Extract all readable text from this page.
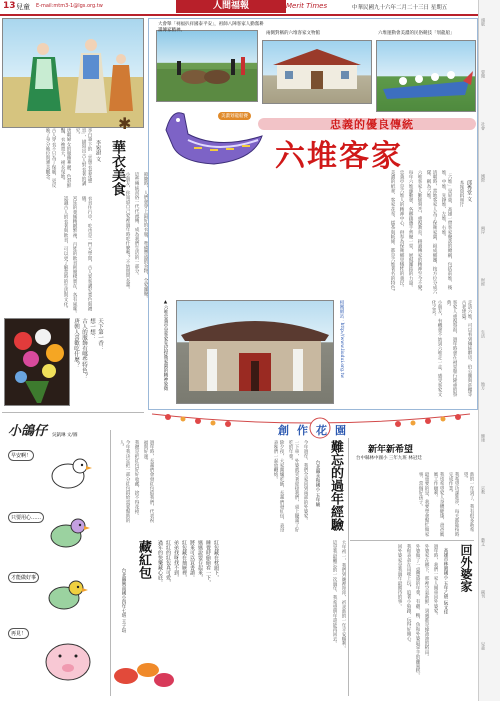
13 兒童 E-mail:mtm3-1@lgs.org.tw	人間福報	Merit Times	中華民國九十六年二月二十三日 星期五
頭版
要聞
社會
國際
兩岸
財經
生活
地方
健康
宗教
藝文
副刊
兒童
華衣美食
✱
李宛澍 文

李白筆下的「雲想衣裳花想容」，描寫出古人對衣著的講究。

唐朝婦女的服飾華麗，色彩鮮豔，衣袖寬大，裙長曳地。

古人穿衣不只為了保暖，更反映了身分地位與審美觀念。

衣食住行中，吃也是一門大學問，古人宴客講究菜色與禮儀。

宮廷的菜餚精緻繁複，百姓的飲食則簡樸實在，各有風味。

認識古人的衣著與飲食，可以更了解當時的生活與文化。	節慶時，人們會穿上最好的衣服，準備豐盛的食物，全家團聚。

這些傳統習俗一代代流傳，成為我們生活的一部分。

小朋友，你知道自己家裡過年時吃什麼嗎？不妨問問長輩。

天下第一香：
想一想：
古人的服飾有哪些特色？
唐朝人喜歡吃什麼？
大會舉「祠福扒祥國泰平安」，祖師八陣客家人勤奮耕讀傳家精神。
兩側對稱的六堆客家文物館	六堆運動會美濃的民俗競技「划龍船」
美濃划龍船賽
忠義的優良傳統
六堆客家
邱秀堂 文
本報資料照片

「六堆」是屏東、高雄一帶客家聚落的總稱，包括前堆、後堆、中堆、先鋒堆、左堆、右堆。

清朝時，當地客家人為了保衛家園，組成鄉團，按方位分成六隊，稱為六堆。

六堆客家人勤儉刻苦，重視教育，耕讀傳家的精神至今不變。

每年六堆運動會，各鄉鎮選手齊聚一堂，展現團結的力量。

忠義亭是六堆人的精神中心，供奉為保衛鄉里犧牲的義民。

美濃的紙傘、客家花布、擂茶與粄條，都是六堆著名的特色。

走訪六堆，可以看到傳統夥房、伯公廟與菸樓等古老建築。

客家人重視祭祖，過年時會在祠堂舉行隆重的祭典。

小朋友，有機會不妨到六堆走一走，感受客家文化之美。

▲六堆忠義亭是客家先民捍衛家園的精神象徵	相關網站：http://www.liudui.org.tw
創作花園
小鴿仔 吳凱琳 文/圖
早安啊！
只要用心……
才能做好事
再見！

過年時，長輩們會發紅包給我們，代表祝福與好運。

我總是把紅包好好收藏，捨不得花掉。

今年我決定把一部分紅包捐給需要幫助的人。

藏紅包
台北縣興南國小四年七班 王子瑄
紅包藏在枕頭下，
睡覺時偷偷看一下，
媽媽說要存起來，
將來可以買書讀。
紅包藏在抽屜裡，
弟弟找呀找不到，
紅紅的紅包真可愛，
過年的快樂藏心底。

今年過年，我們全家回到南部的外婆家。

一下車，外婆就笑著迎接我們，桌上擺滿了好吃的年菜。

除夕夜，大家圍爐吃飯，長輩們發紅包，表哥表姊們一起放鞭炮。	難忘的過年經驗
台北縣永和國小 五年級

大年初一，我們到廟裡拜拜，祈求新的一年平安順利。

這是我最難忘的一次過年，我希望明年還能再回去。

新年新希望
台中縣林中國小 三年九班 林冠廷

新的一年到了，我有很多新希望。

我希望功課進步，每天都能按時完成作業。

我也希望家人身體健康，爸爸媽媽工作順利。

最重要的是，我要學會幫忙做家事，當個好孩子。

回外婆家
高雄市林園國小 五年乙班 阮文佳

過年時，我們一家人開車回外婆家。

外婆家在鄉下，那裡空氣新鮮，到處都是綠油油的稻田。

外婆做了一桌豐盛的年菜，有雞、鴨、魚和外婆最拿手的蘿蔔糕。

我和表弟在田埂上玩，追著小狗跑，玩得好開心。

回外婆家是我過年最期待的事。
